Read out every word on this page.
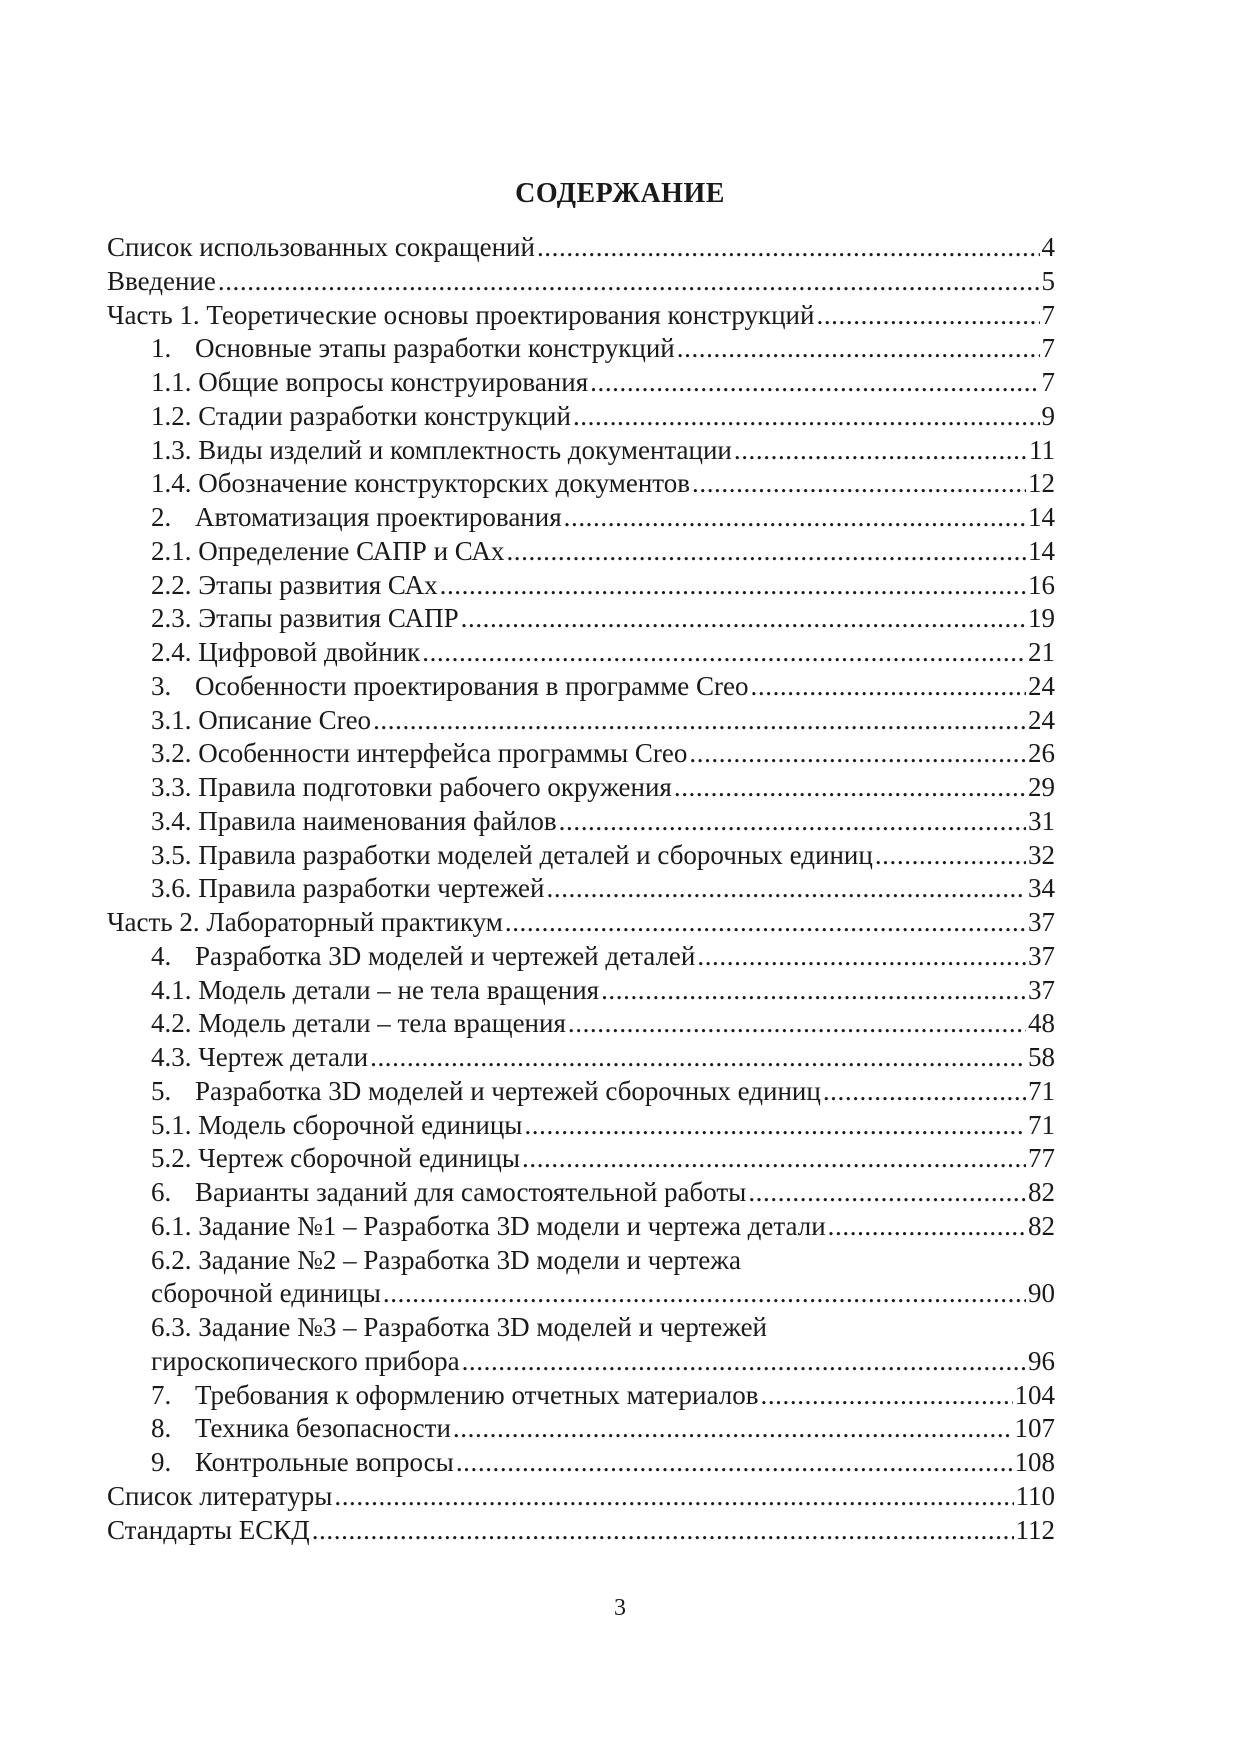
СОДЕРЖАНИЕ
Список использованных сокращений .....	4
Введение .....	5
Часть 1. Теоретические основы проектирования конструкций .....	7
1. Основные этапы разработки конструкций .....	7
1.1. Общие вопросы конструирования .....	7
1.2. Стадии разработки конструкций .....	9
1.3. Виды изделий и комплектность документации .....	11
1.4. Обозначение конструкторских документов .....	12
2. Автоматизация проектирования .....	14
2.1. Определение САПР и САх .....	14
2.2. Этапы развития САх .....	16
2.3. Этапы развития САПР .....	19
2.4. Цифровой двойник .....	21
3. Особенности проектирования в программе Creo .....	24
3.1. Описание Creo .....	24
3.2. Особенности интерфейса программы Creo .....	26
3.3. Правила подготовки рабочего окружения .....	29
3.4. Правила наименования файлов .....	31
3.5. Правила разработки моделей деталей и сборочных единиц .....	32
3.6. Правила разработки чертежей .....	34
Часть 2. Лабораторный практикум .....	37
4. Разработка 3D моделей и чертежей деталей .....	37
4.1. Модель детали – не тела вращения .....	37
4.2. Модель детали – тела вращения .....	48
4.3. Чертеж детали .....	58
5. Разработка 3D моделей и чертежей сборочных единиц .....	71
5.1. Модель сборочной единицы .....	71
5.2. Чертеж сборочной единицы .....	77
6. Варианты заданий для самостоятельной работы .....	82
6.1. Задание №1 – Разработка 3D модели и чертежа детали .....	82
6.2. Задание №2 – Разработка 3D модели и чертежа
сборочной единицы .....	90
6.3. Задание №3 – Разработка 3D моделей и чертежей
гироскопического прибора .....	96
7. Требования к оформлению отчетных материалов .....	104
8. Техника безопасности .....	107
9. Контрольные вопросы .....	108
Список литературы .....	110
Стандарты ЕСКД .....	112
3
